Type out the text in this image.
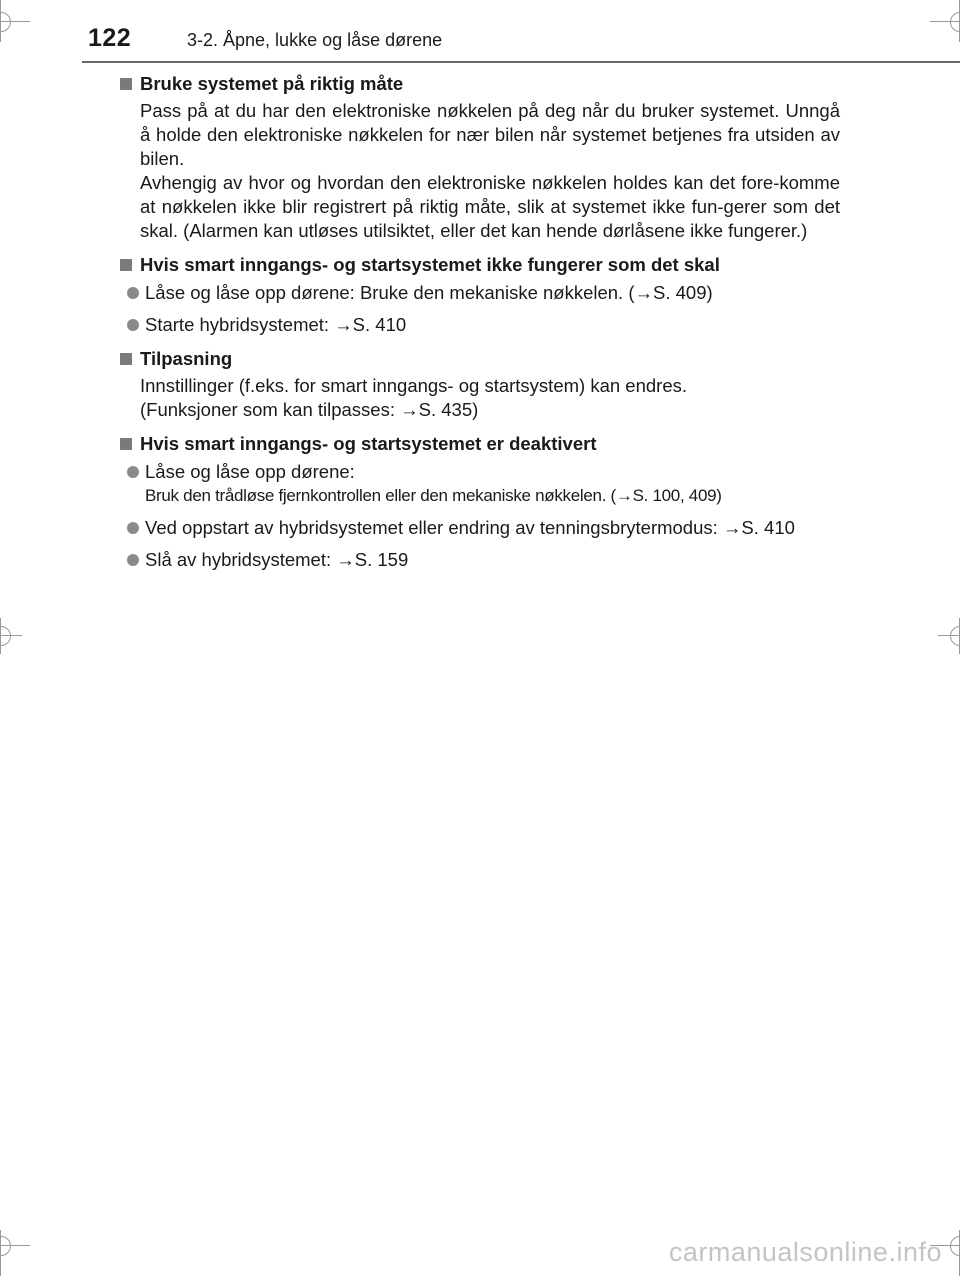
122	3-2. Åpne, lukke og låse dørene
Bruke systemet på riktig måte
Pass på at du har den elektroniske nøkkelen på deg når du bruker systemet. Unngå å holde den elektroniske nøkkelen for nær bilen når systemet betjenes fra utsiden av bilen.
Avhengig av hvor og hvordan den elektroniske nøkkelen holdes kan det fore-komme at nøkkelen ikke blir registrert på riktig måte, slik at systemet ikke fun-gerer som det skal. (Alarmen kan utløses utilsiktet, eller det kan hende dørlåsene ikke fungerer.)
Hvis smart inngangs- og startsystemet ikke fungerer som det skal
Låse og låse opp dørene: Bruke den mekaniske nøkkelen. (→S. 409)
Starte hybridsystemet: →S. 410
Tilpasning
Innstillinger (f.eks. for smart inngangs- og startsystem) kan endres.
(Funksjoner som kan tilpasses: →S. 435)
Hvis smart inngangs- og startsystemet er deaktivert
Låse og låse opp dørene:
Bruk den trådløse fjernkontrollen eller den mekaniske nøkkelen. (→S. 100, 409)
Ved oppstart av hybridsystemet eller endring av tenningsbrytermodus: →S. 410
Slå av hybridsystemet: →S. 159
carmanualsonline.info
